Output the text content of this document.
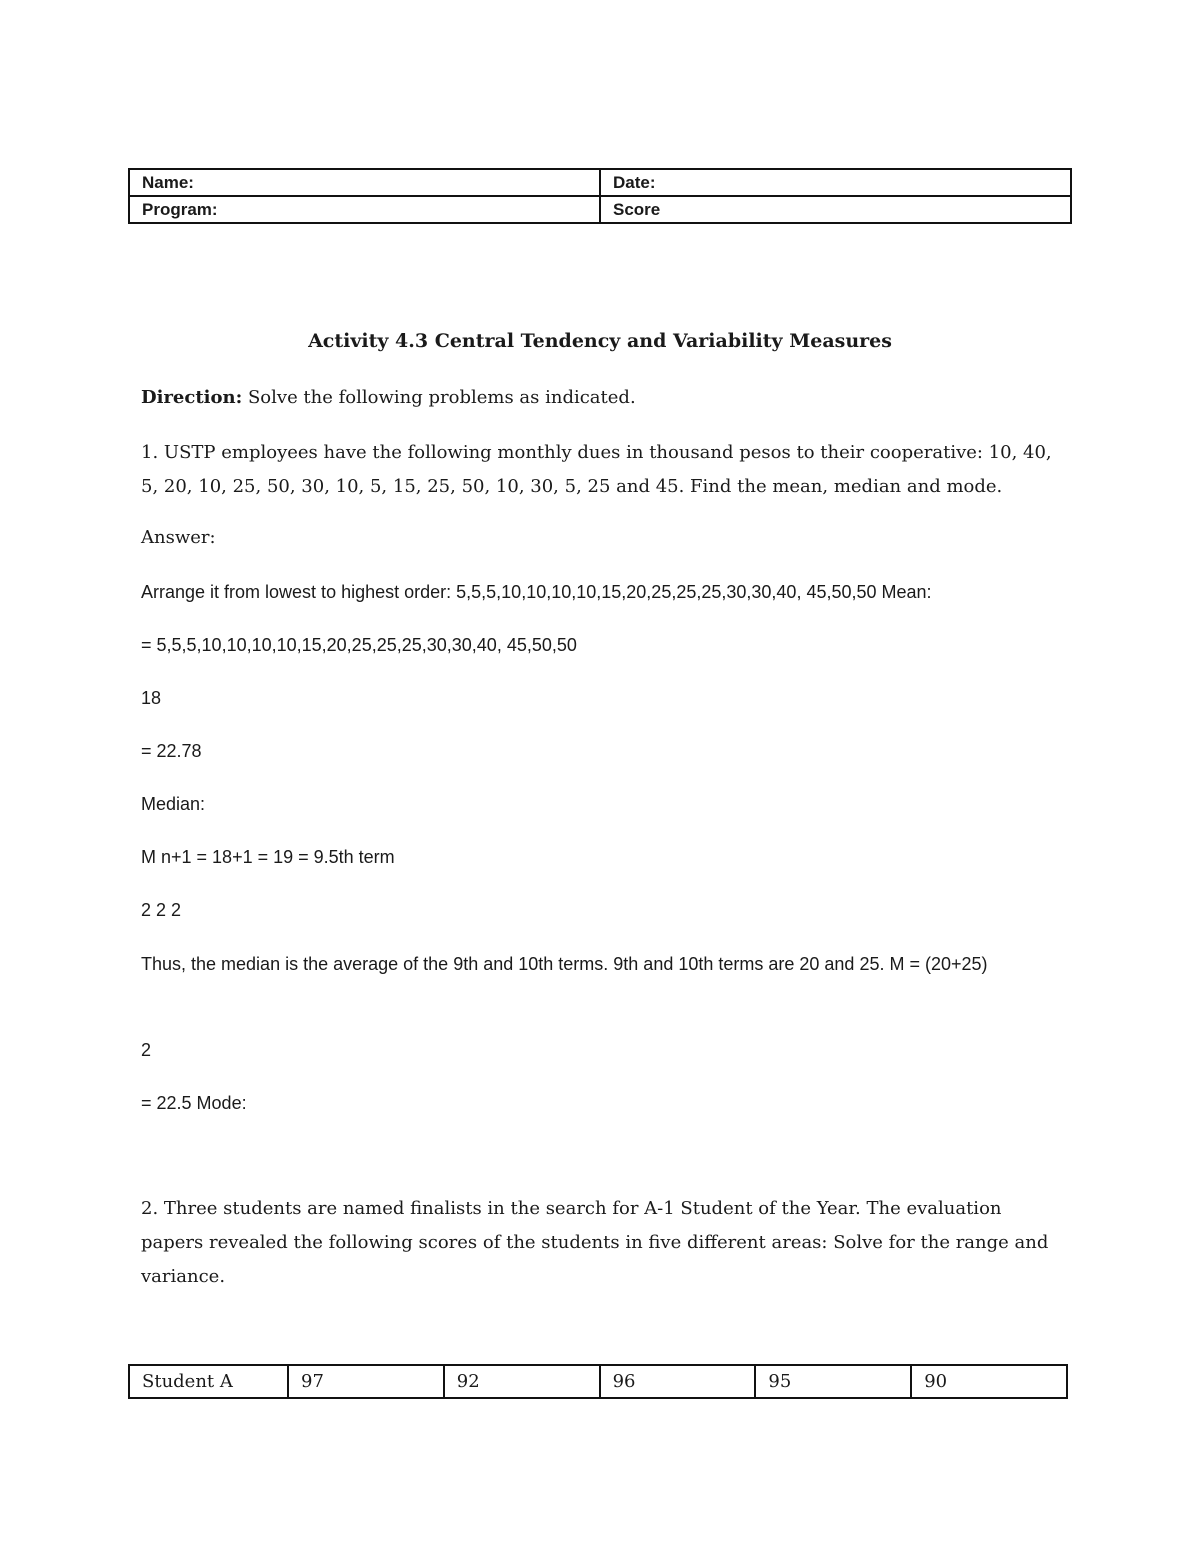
Name:	Date:
Program:	Score
Activity 4.3 Central Tendency and Variability Measures
Direction: Solve the following problems as indicated.
1. USTP employees have the following monthly dues in thousand pesos to their cooperative: 10, 40, 5, 20, 10, 25, 50, 30, 10, 5, 15, 25, 50, 10, 30, 5, 25 and 45. Find the mean, median and mode.
Answer:
Arrange it from lowest to highest order: 5,5,5,10,10,10,10,15,20,25,25,25,30,30,40, 45,50,50 Mean:
= 5,5,5,10,10,10,10,15,20,25,25,25,30,30,40, 45,50,50
18
= 22.78
Median:
M n+1 = 18+1 = 19 = 9.5th term
2 2 2
Thus, the median is the average of the 9th and 10th terms. 9th and 10th terms are 20 and 25. M = (20+25)
2
= 22.5 Mode:
2. Three students are named finalists in the search for A-1 Student of the Year. The evaluation papers revealed the following scores of the students in five different areas: Solve for the range and variance.
Student A	97	92	96	95	90
